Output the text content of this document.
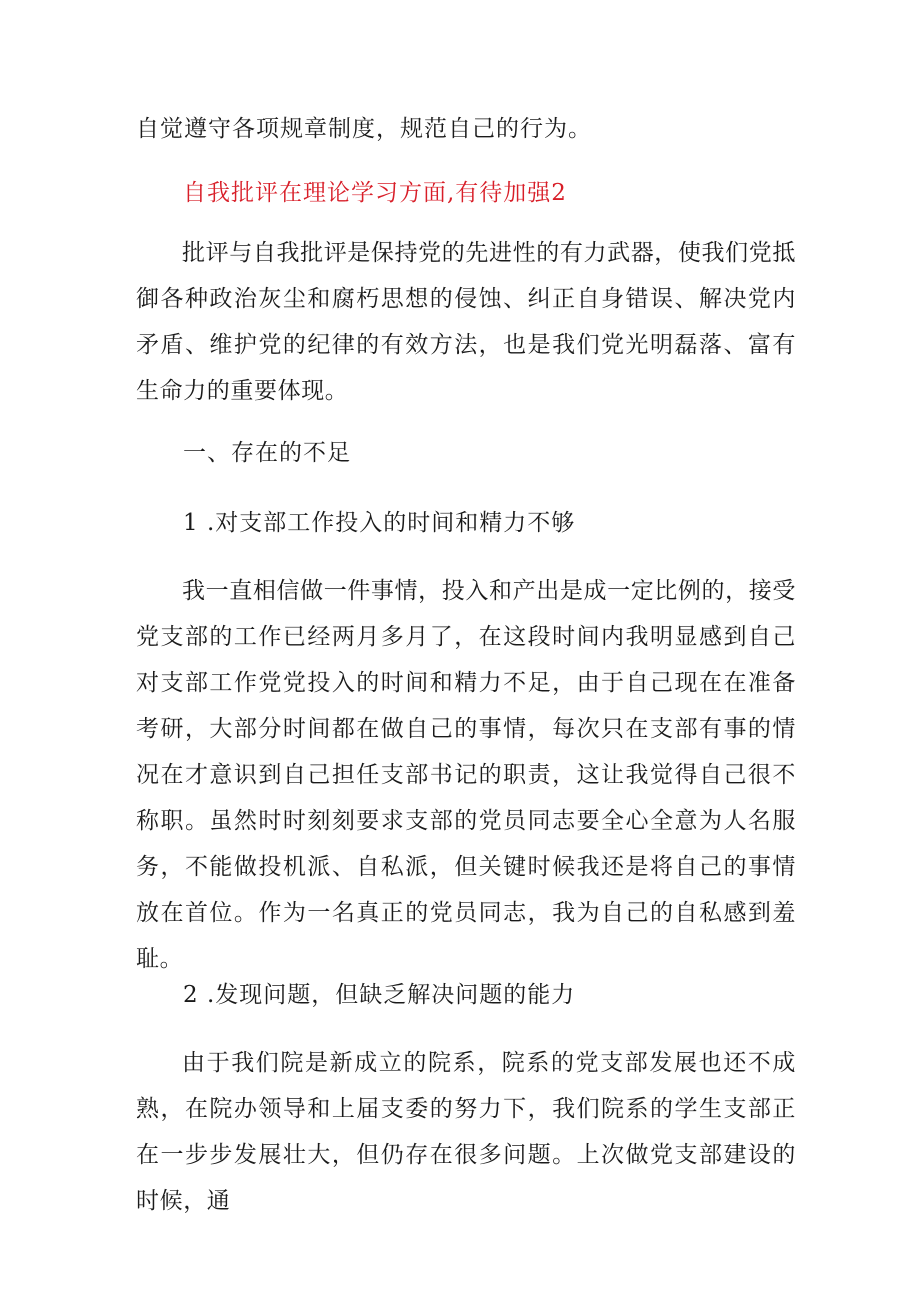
自觉遵守各项规章制度，规范自己的行为。
自我批评在理论学习方面,有待加强2
批评与自我批评是保持党的先进性的有力武器，使我们党抵御各种政治灰尘和腐朽思想的侵蚀、纠正自身错误、解决党内矛盾、维护党的纪律的有效方法，也是我们党光明磊落、富有生命力的重要体现。
一、存在的不足
1 .对支部工作投入的时间和精力不够
我一直相信做一件事情，投入和产出是成一定比例的，接受党支部的工作已经两月多月了，在这段时间内我明显感到自己对支部工作党党投入的时间和精力不足，由于自己现在在准备考研，大部分时间都在做自己的事情，每次只在支部有事的情况在才意识到自己担任支部书记的职责，这让我觉得自己很不称职。虽然时时刻刻要求支部的党员同志要全心全意为人名服务，不能做投机派、自私派，但关键时候我还是将自己的事情放在首位。作为一名真正的党员同志，我为自己的自私感到羞耻。
2 .发现问题，但缺乏解决问题的能力
由于我们院是新成立的院系，院系的党支部发展也还不成熟，在院办领导和上届支委的努力下，我们院系的学生支部正在一步步发展壮大，但仍存在很多问题。上次做党支部建设的时候，通
